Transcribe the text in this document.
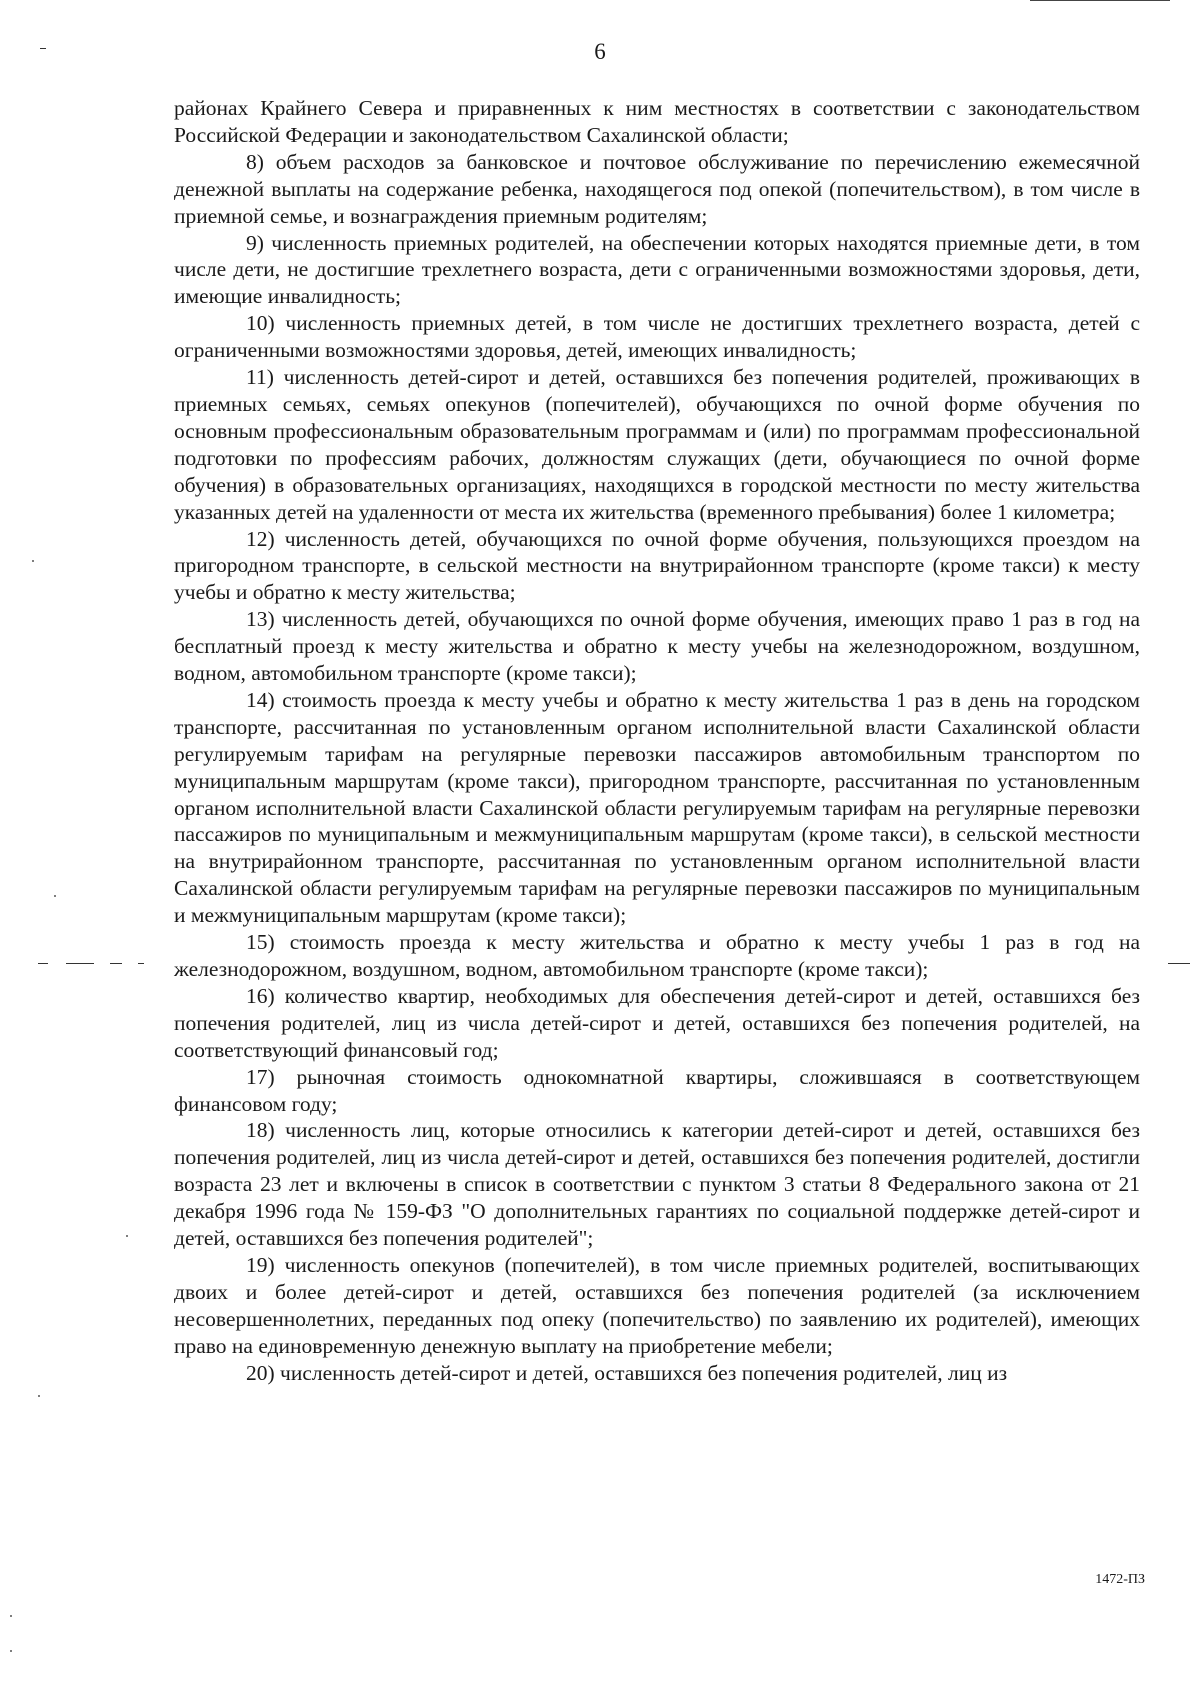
6

районах Крайнего Севера и приравненных к ним местностях в соответствии с законодательством Российской Федерации и законодательством Сахалинской области;

8) объем расходов за банковское и почтовое обслуживание по перечислению ежемесячной денежной выплаты на содержание ребенка, находящегося под опекой (попечительством), в том числе в приемной семье, и вознаграждения приемным родителям;

9) численность приемных родителей, на обеспечении которых находятся приемные дети, в том числе дети, не достигшие трехлетнего возраста, дети с ограниченными возможностями здоровья, дети, имеющие инвалидность;

10) численность приемных детей, в том числе не достигших трехлетнего возраста, детей с ограниченными возможностями здоровья, детей, имеющих инвалидность;

11) численность детей-сирот и детей, оставшихся без попечения родителей, проживающих в приемных семьях, семьях опекунов (попечителей), обучающихся по очной форме обучения по основным профессиональным образовательным программам и (или) по программам профессиональной подготовки по профессиям рабочих, должностям служащих (дети, обучающиеся по очной форме обучения) в образовательных организациях, находящихся в городской местности по месту жительства указанных детей на удаленности от места их жительства (временного пребывания) более 1 километра;

12) численность детей, обучающихся по очной форме обучения, пользующихся проездом на пригородном транспорте, в сельской местности на внутрирайонном транспорте (кроме такси) к месту учебы и обратно к месту жительства;

13) численность детей, обучающихся по очной форме обучения, имеющих право 1 раз в год на бесплатный проезд к месту жительства и обратно к месту учебы на железнодорожном, воздушном, водном, автомобильном транспорте (кроме такси);

14) стоимость проезда к месту учебы и обратно к месту жительства 1 раз в день на городском транспорте, рассчитанная по установленным органом исполнительной власти Сахалинской области регулируемым тарифам на регулярные перевозки пассажиров автомобильным транспортом по муниципальным маршрутам (кроме такси), пригородном транспорте, рассчитанная по установленным органом исполнительной власти Сахалинской области регулируемым тарифам на регулярные перевозки пассажиров по муниципальным и межмуниципальным маршрутам (кроме такси), в сельской местности на внутрирайонном транспорте, рассчитанная по установленным органом исполнительной власти Сахалинской области регулируемым тарифам на регулярные перевозки пассажиров по муниципальным и межмуниципальным маршрутам (кроме такси);

15) стоимость проезда к месту жительства и обратно к месту учебы 1 раз в год на железнодорожном, воздушном, водном, автомобильном транспорте (кроме такси);

16) количество квартир, необходимых для обеспечения детей-сирот и детей, оставшихся без попечения родителей, лиц из числа детей-сирот и детей, оставшихся без попечения родителей, на соответствующий финансовый год;

17) рыночная стоимость однокомнатной квартиры, сложившаяся в соответствующем финансовом году;

18) численность лиц, которые относились к категории детей-сирот и детей, оставшихся без попечения родителей, лиц из числа детей-сирот и детей, оставшихся без попечения родителей, достигли возраста 23 лет и включены в список в соответствии с пунктом 3 статьи 8 Федерального закона от 21 декабря 1996 года № 159-ФЗ "О дополнительных гарантиях по социальной поддержке детей-сирот и детей, оставшихся без попечения родителей";

19) численность опекунов (попечителей), в том числе приемных родителей, воспитывающих двоих и более детей-сирот и детей, оставшихся без попечения родителей (за исключением несовершеннолетних, переданных под опеку (попечительство) по заявлению их родителей), имеющих право на единовременную денежную выплату на приобретение мебели;

20) численность детей-сирот и детей, оставшихся без попечения родителей, лиц из

1472-ПЗ
